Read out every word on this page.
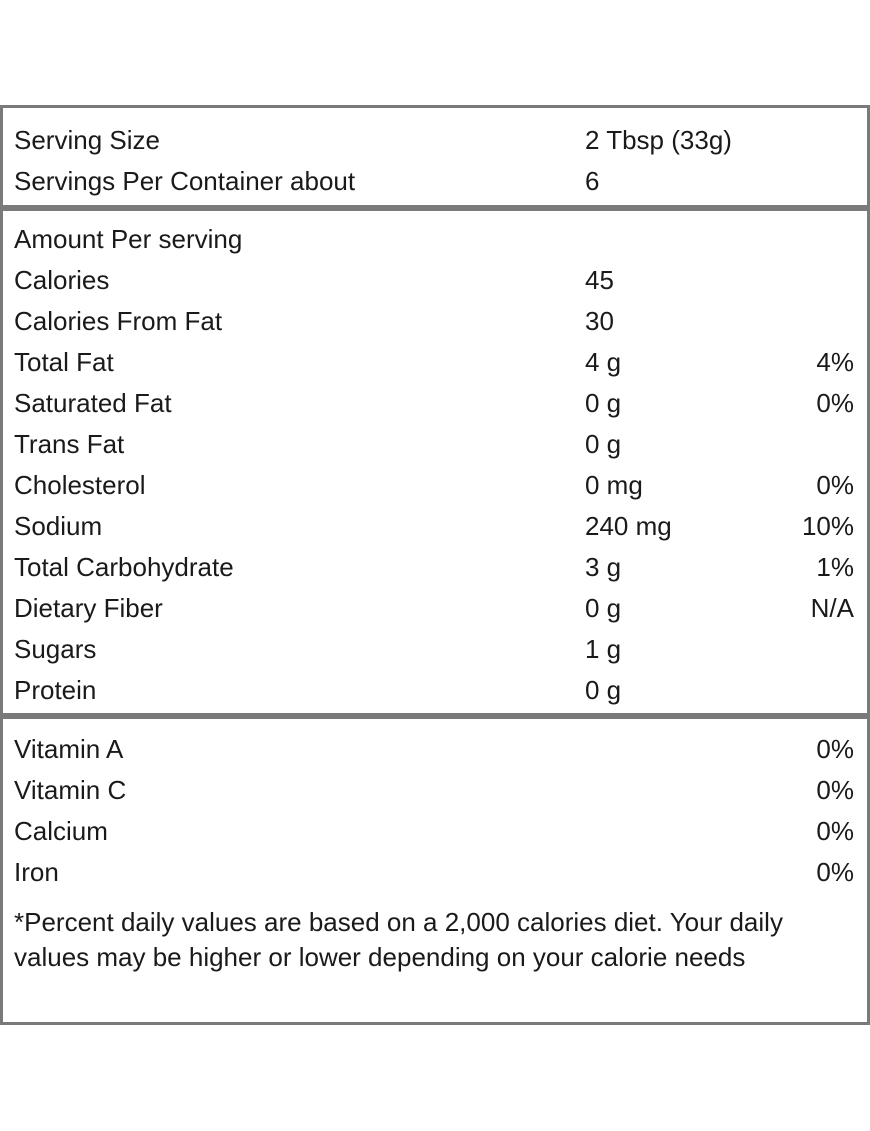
Serving Size	2 Tbsp (33g)
Servings Per Container about	6
Amount Per serving
Calories	45
Calories From Fat	30
Total Fat	4 g	4%
Saturated Fat	0 g	0%
Trans Fat	0 g
Cholesterol	0 mg	0%
Sodium	240 mg	10%
Total Carbohydrate	3 g	1%
Dietary Fiber	0 g	N/A
Sugars	1 g
Protein	0 g
Vitamin A	0%
Vitamin C	0%
Calcium	0%
Iron	0%
*Percent daily values are based on a 2,000 calories diet. Your daily values may be higher or lower depending on your calorie needs
